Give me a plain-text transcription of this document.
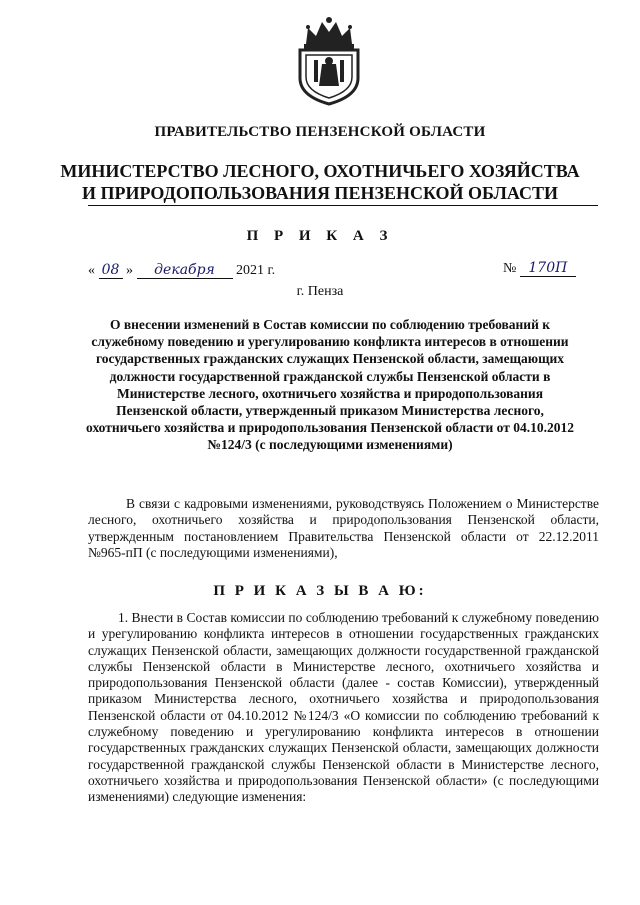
ПРАВИТЕЛЬСТВО ПЕНЗЕНСКОЙ ОБЛАСТИ
МИНИСТЕРСТВО ЛЕСНОГО, ОХОТНИЧЬЕГО ХОЗЯЙСТВА
И ПРИРОДОПОЛЬЗОВАНИЯ ПЕНЗЕНСКОЙ ОБЛАСТИ
П Р И К А З
« 08 » декабря 2021 г.	№ 170П
г. Пенза
О внесении изменений в Состав комиссии по соблюдению требований к служебному поведению и урегулированию конфликта интересов в отношении государственных гражданских служащих Пензенской области, замещающих должности государственной гражданской службы Пензенской области в Министерстве лесного, охотничьего хозяйства и природопользования Пензенской области, утвержденный приказом Министерства лесного, охотничьего хозяйства и природопользования Пензенской области от 04.10.2012 №124/3 (с последующими изменениями)
В связи с кадровыми изменениями, руководствуясь Положением о Министерстве лесного, охотничьего хозяйства и природопользования Пензенской области, утвержденным постановлением Правительства Пензенской области от 22.12.2011 №965-пП (с последующими изменениями),
П Р И К А З Ы В А Ю:
1. Внести в Состав комиссии по соблюдению требований к служебному поведению и урегулированию конфликта интересов в отношении государственных гражданских служащих Пензенской области, замещающих должности государственной гражданской службы Пензенской области в Министерстве лесного, охотничьего хозяйства и природопользования Пензенской области (далее - состав Комиссии), утвержденный приказом Министерства лесного, охотничьего хозяйства и природопользования Пензенской области от 04.10.2012 №124/3 «О комиссии по соблюдению требований к служебному поведению и урегулированию конфликта интересов в отношении государственных гражданских служащих Пензенской области, замещающих должности государственной гражданской службы Пензенской области в Министерстве лесного, охотничьего хозяйства и природопользования Пензенской области» (с последующими изменениями) следующие изменения:
